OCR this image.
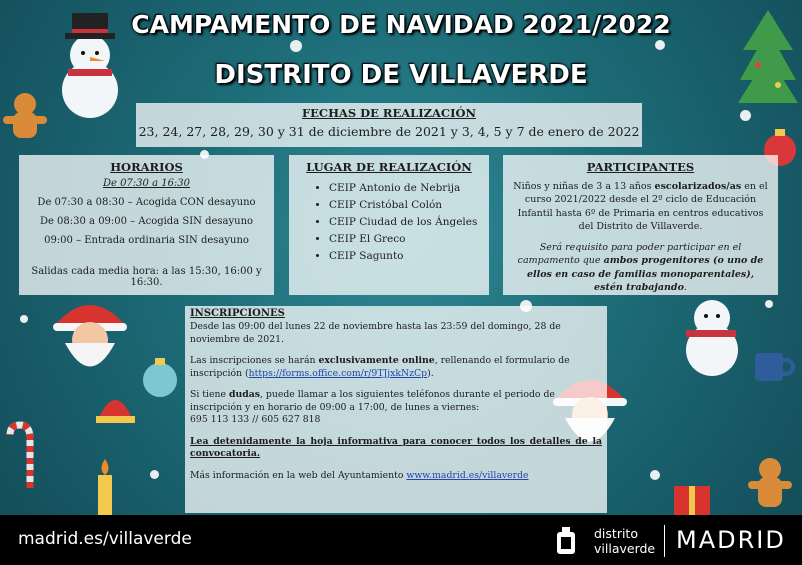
CAMPAMENTO DE NAVIDAD 2021/2022
DISTRITO DE VILLAVERDE
FECHAS DE REALIZACIÓN
23, 24, 27, 28, 29, 30 y 31 de diciembre de 2021 y 3, 4, 5 y 7 de enero de 2022
HORARIOS
De 07:30 a 16:30
De 07:30 a 08:30 – Acogida CON desayuno
De 08:30 a 09:00 – Acogida SIN desayuno
09:00 – Entrada ordinaria SIN desayuno
Salidas cada media hora: a las 15:30, 16:00 y 16:30.
LUGAR DE REALIZACIÓN
• CEIP Antonio de Nebrija
• CEIP Cristóbal Colón
• CEIP Ciudad de los Ángeles
• CEIP El Greco
• CEIP Sagunto
PARTICIPANTES
Niños y niñas de 3 a 13 años escolarizados/as en el curso 2021/2022 desde el 2º ciclo de Educación Infantil hasta 6º de Primaria en centros educativos del Distrito de Villaverde.
Será requisito para poder participar en el campamento que ambos progenitores (o uno de ellos en caso de familias monoparentales), estén trabajando.
INSCRIPCIONES

Desde las 09:00 del lunes 22 de noviembre hasta las 23:59 del domingo, 28 de noviembre de 2021.

Las inscripciones se harán exclusivamente online, rellenando el formulario de inscripción (https://forms.office.com/r/9TJjxkNzCp).

Si tiene dudas, puede llamar a los siguientes teléfonos durante el periodo de inscripción y en horario de 09:00 a 17:00, de lunes a viernes:
695 113 133 // 605 627 818

Lea detenidamente la hoja informativa para conocer todos los detalles de la convocatoria.

Más información en la web del Ayuntamiento www.madrid.es/villaverde

madrid.es/villaverde	distrito
villaverde MADRID
